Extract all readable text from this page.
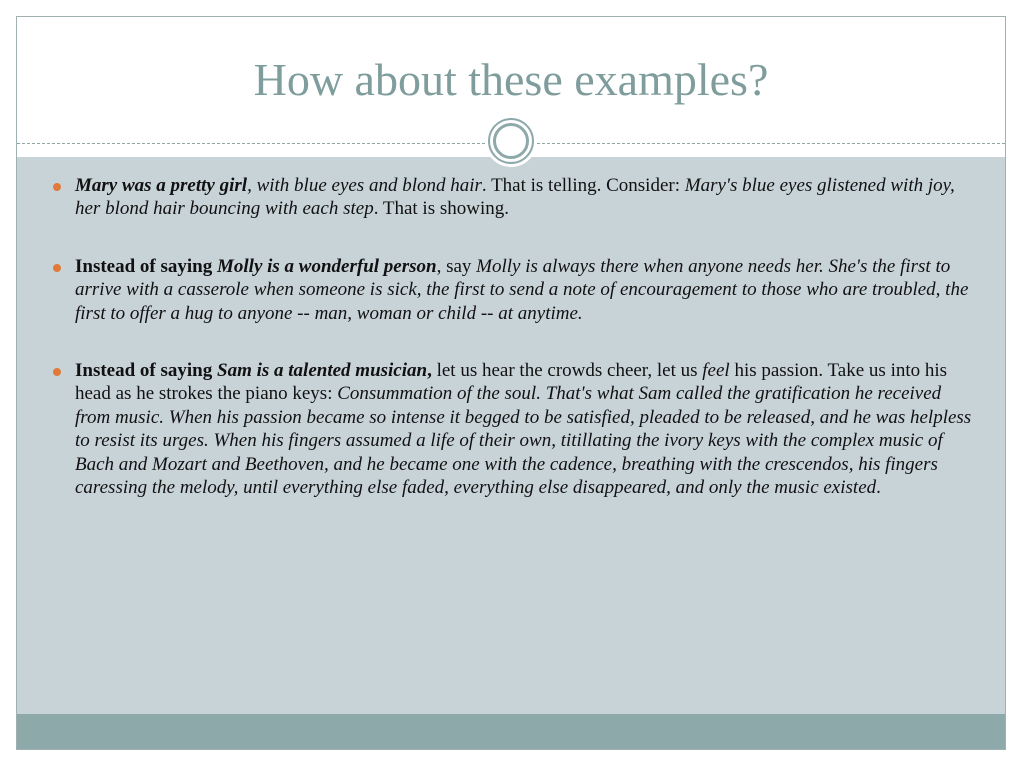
How about these examples?
Mary was a pretty girl, with blue eyes and blond hair. That is telling. Consider: Mary's blue eyes glistened with joy, her blond hair bouncing with each step. That is showing.
Instead of saying Molly is a wonderful person, say Molly is always there when anyone needs her. She's the first to arrive with a casserole when someone is sick, the first to send a note of encouragement to those who are troubled, the first to offer a hug to anyone -- man, woman or child -- at anytime.
Instead of saying Sam is a talented musician, let us hear the crowds cheer, let us feel his passion. Take us into his head as he strokes the piano keys: Consummation of the soul. That's what Sam called the gratification he received from music. When his passion became so intense it begged to be satisfied, pleaded to be released, and he was helpless to resist its urges. When his fingers assumed a life of their own, titillating the ivory keys with the complex music of Bach and Mozart and Beethoven, and he became one with the cadence, breathing with the crescendos, his fingers caressing the melody, until everything else faded, everything else disappeared, and only the music existed.
